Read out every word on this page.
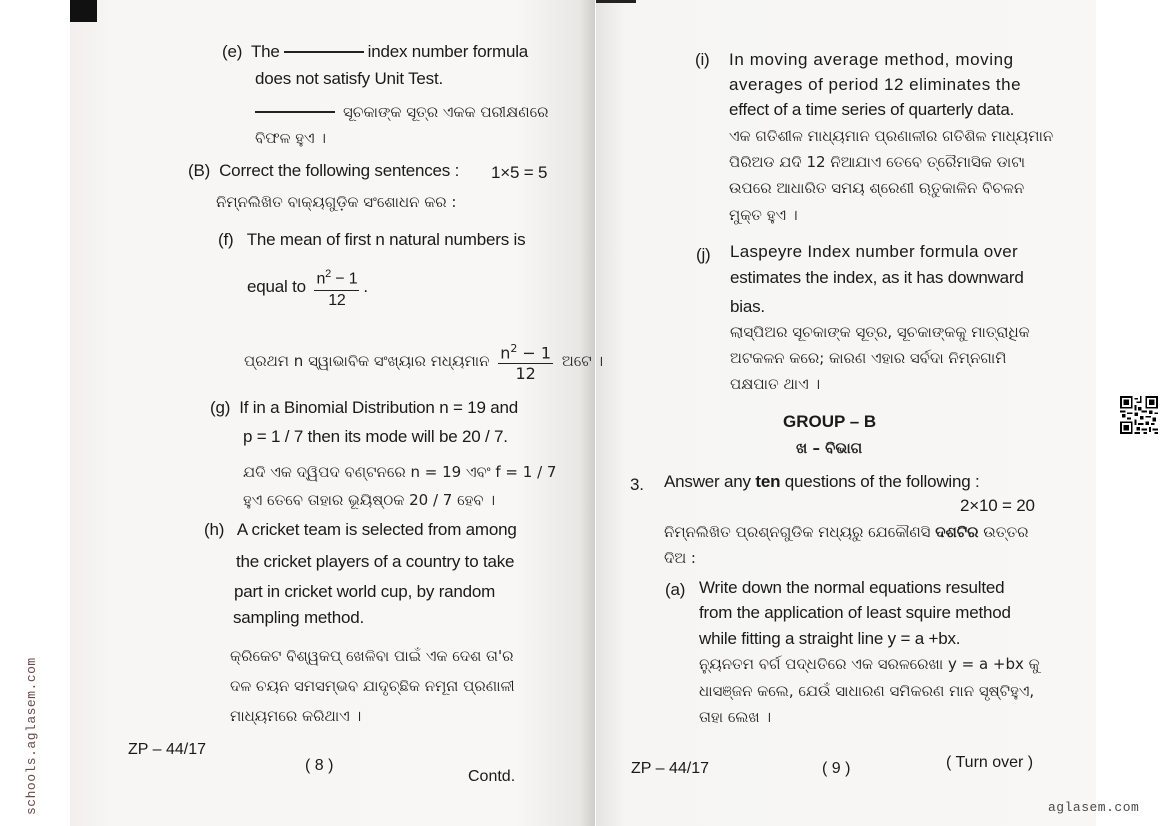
(e) The	index number formula
does not satisfy Unit Test.
ସୂଚକାଙ୍କ ସୂତ୍ର ଏକକ ପରୀକ୍ଷଣରେ
ବିଫଳ ହୁଏ ।
(B) Correct the following sentences : 1×5 = 5
ନିମ୍ନଲିଖିତ ବାକ୍ୟଗୁଡ଼ିକ ସଂଶୋଧନ କର :
(f) The mean of first n natural numbers is
equal to $\frac{n^2 - 1}{12}$ .
ପ୍ରଥମ n ସ୍ୱାଭାବିକ ସଂଖ୍ୟାର ମଧ୍ୟମାନ $\frac{n^2 - 1}{12}$ ଅଟେ ।
(g) If in a Binomial Distribution n = 19 and
p = 1 / 7 then its mode will be 20 / 7.
ଯଦି ଏକ ଦ୍ୱିପଦ ବଣ୍ଟନରେ n = 19 ଏବଂ f = 1 / 7
ହୁଏ ତେବେ ତାହାର ଭୂୟିଷ୍ଠକ 20 / 7 ହେବ ।
(h) A cricket team is selected from among
the cricket players of a country to take
part in cricket world cup, by random
sampling method.
କ୍ରିକେଟ ବିଶ୍ୱକପ୍ ଖେଳିବା ପାଇଁ ଏକ ଦେଶ ତା'ର
ଦଳ ଚୟନ ସମସମ୍ଭବ ଯାଦୃଚ୍ଛିକ ନମୂନା ପ୍ରଣାଳୀ
ମାଧ୍ୟମରେ କରିଥାଏ ।
ZP – 44/17
( 8 )
Contd.
(i) In moving average method, moving
averages of period 12 eliminates the
effect of a time series of quarterly data.
ଏକ ଗତିଶୀଳ ମାଧ୍ୟମାନ ପ୍ରଣାଳୀର ଗତିଶିଳ ମାଧ୍ୟମାନ
ପିରିଅଡ ଯଦି 12 ନିଆଯାଏ ତେବେ ତ୍ରୈମାସିକ ଡାଟା
ଉପରେ ଆଧାରିତ ସମୟ ଶ୍ରେଣୀ ଋତୁକାଳିନ ବିଚଳନ
ମୁକ୍ତ ହୁଏ ।
(j) Laspeyre Index number formula over
estimates the index, as it has downward
bias.
ଲାସ୍‌ପିଅର ସୂଚକାଙ୍କ ସୂତ୍ର, ସୂଚକାଙ୍କକୁ ମାତ୍ରାଧିକ
ଅଟକଳନ କରେ; କାରଣ ଏହାର ସର୍ବଦା ନିମ୍ନଗାମି
ପକ୍ଷପାତ ଥାଏ ।
GROUP – B
ଖ – ବିଭାଗ
3. Answer any ten questions of the following :
2×10 = 20
ନିମ୍ନଲିଖିତ ପ୍ରଶ୍ନଗୁଡିକ ମଧ୍ୟରୁ ଯେକୌଣସି ଦଶଟିର ଉତ୍ତର
ଦିଅ :
(a) Write down the normal equations resulted
from the application of least squire method
while fitting a straight line y = a +bx.
ନ୍ୟୁନତମ ବର୍ଗ ପଦ୍ଧତିରେ ଏକ ସରଳରେଖା y = a +bx କୁ
ଧାସଞ୍ଜନ କଲେ, ଯେଉଁ ସାଧାରଣ ସମିକରଣ ମାନ ସୃଷ୍ଟିହୁଏ,
ତାହା ଲେଖ ।
ZP – 44/17	( 9 )	( Turn over )
schools.aglasem.com	aglasem.com
